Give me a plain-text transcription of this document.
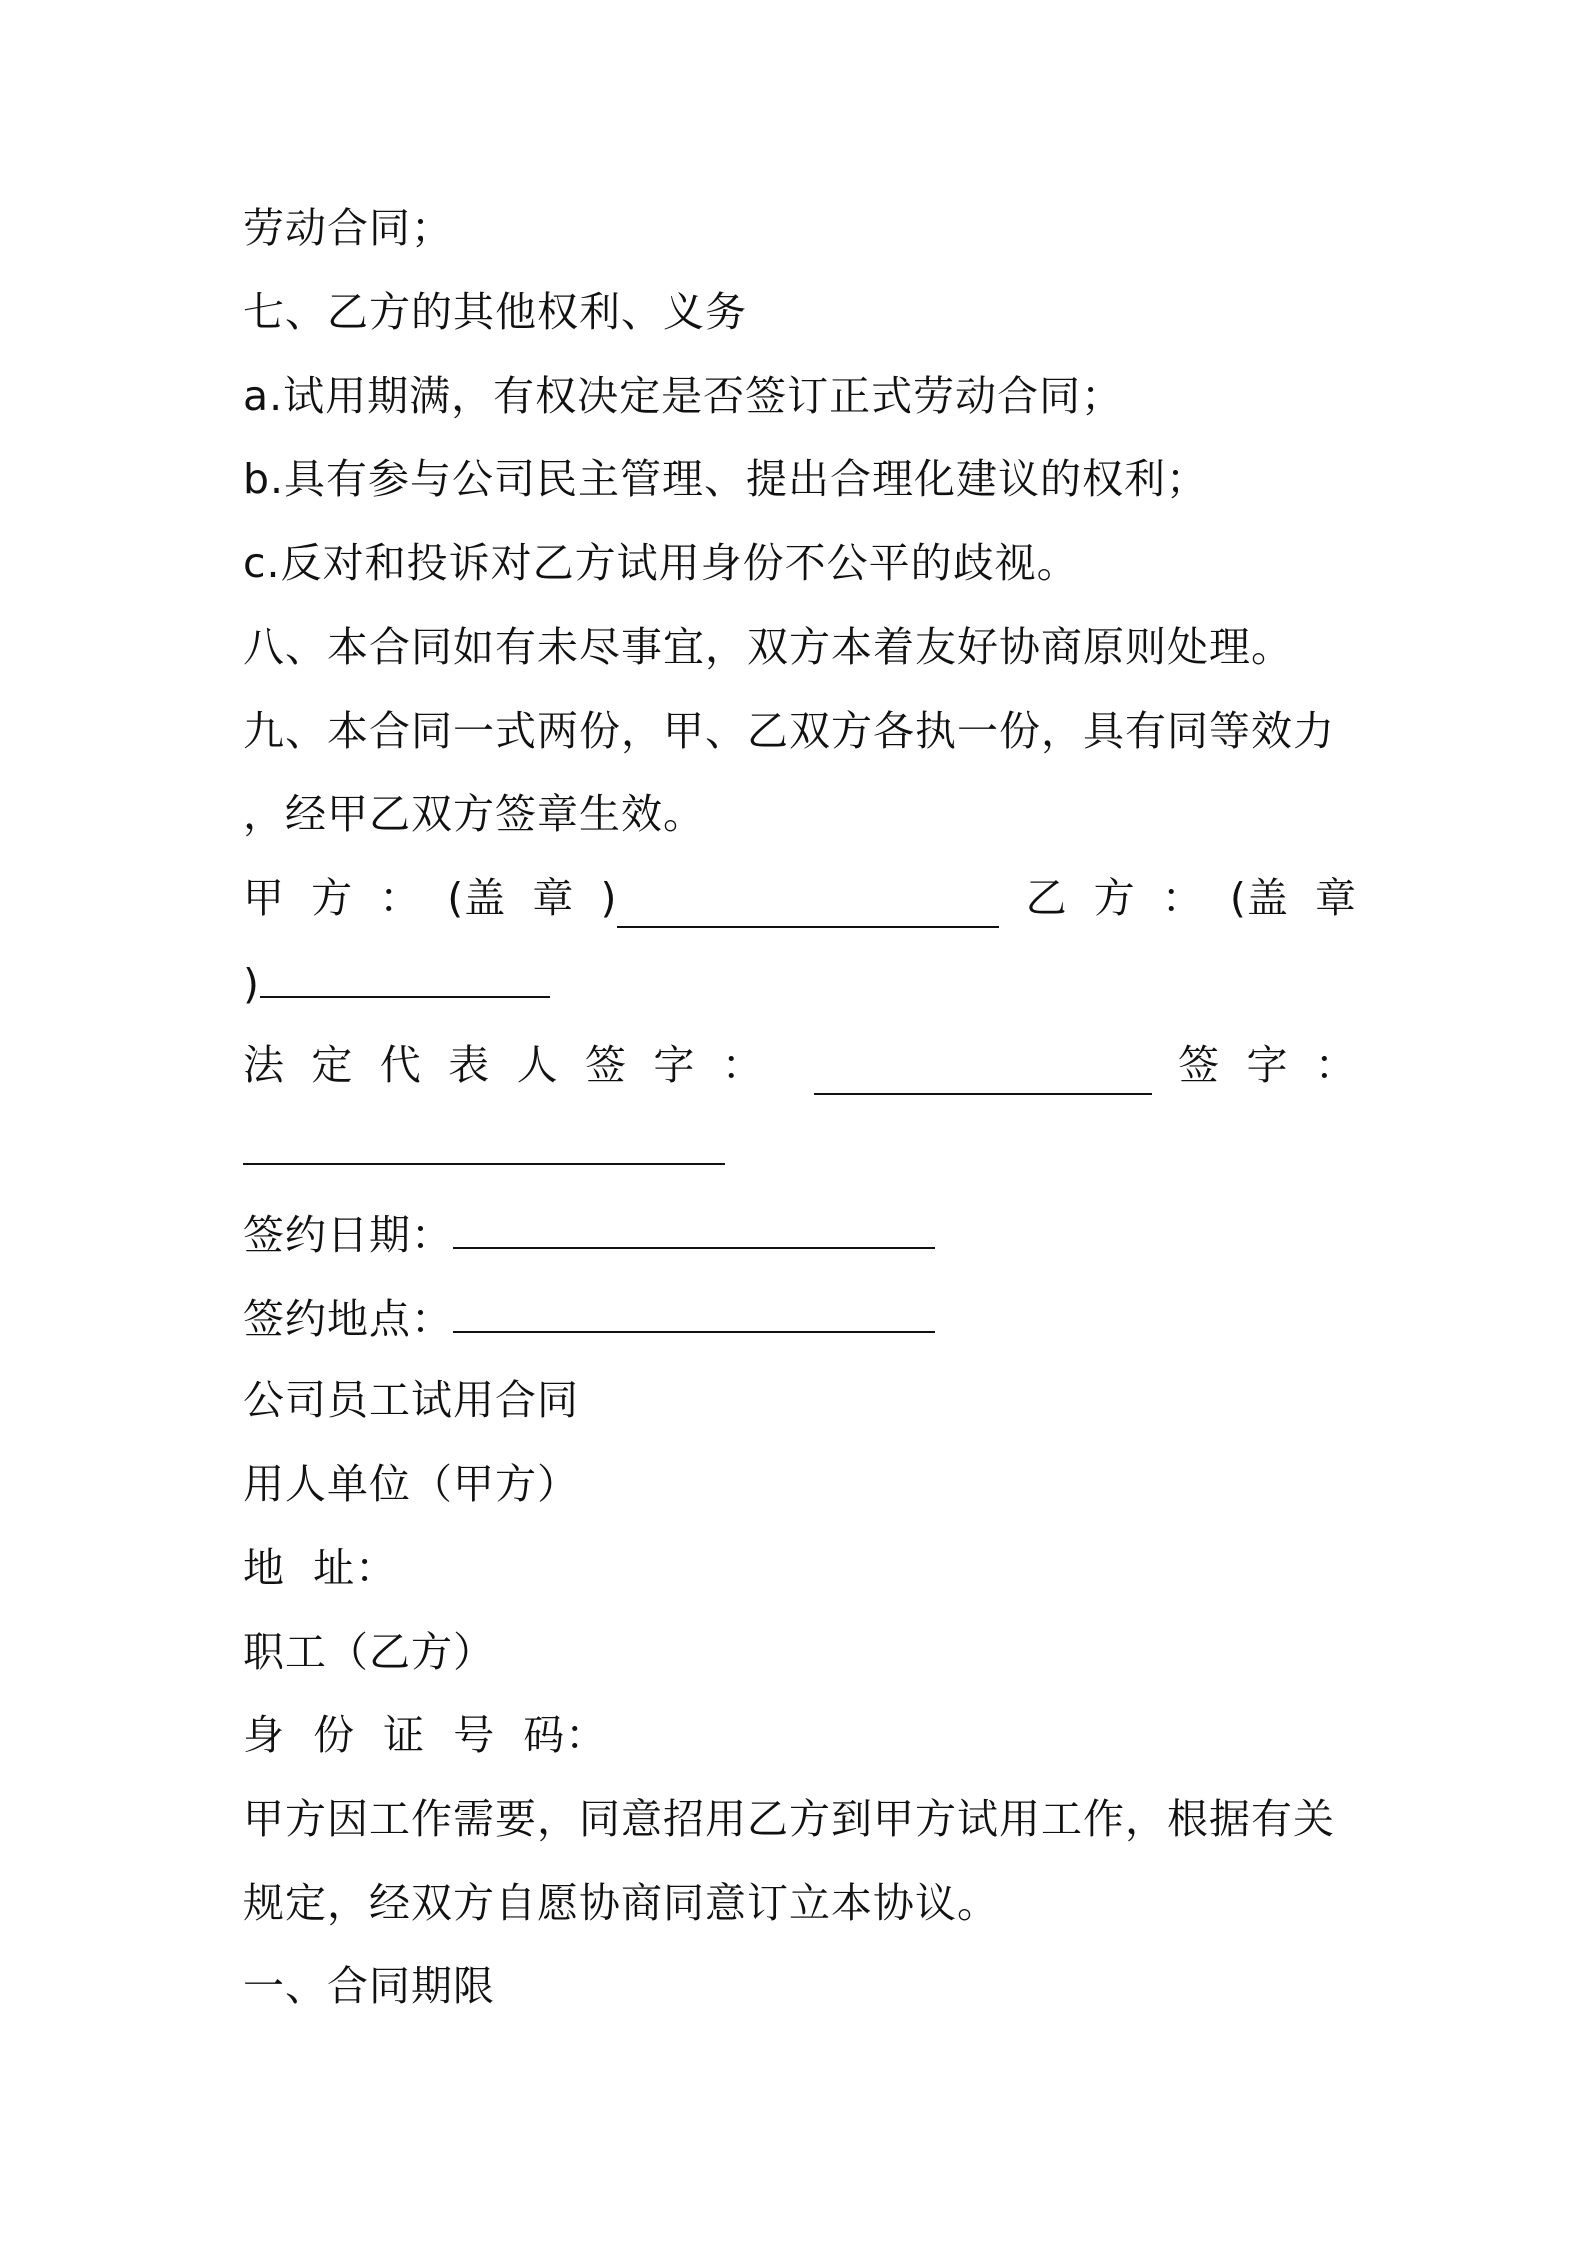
劳动合同；
七、乙方的其他权利、义务
a.试用期满，有权决定是否签订正式劳动合同；
b.具有参与公司民主管理、提出合理化建议的权利；
c.反对和投诉对乙方试用身份不公平的歧视。
八、本合同如有未尽事宜，双方本着友好协商原则处理。
九、本合同一式两份，甲、乙双方各执一份，具有同等效力
，经甲乙双方签章生效。
甲 方 ： (盖 章 )	乙 方 ： (盖 章
)
法 定 代 表 人 签 字 ：	签 字 ：
签约日期：
签约地点：
公司员工试用合同
用人单位（甲方）
地  址：
职工（乙方）
身  份  证  号  码：
甲方因工作需要，同意招用乙方到甲方试用工作，根据有关
规定，经双方自愿协商同意订立本协议。
一、合同期限
